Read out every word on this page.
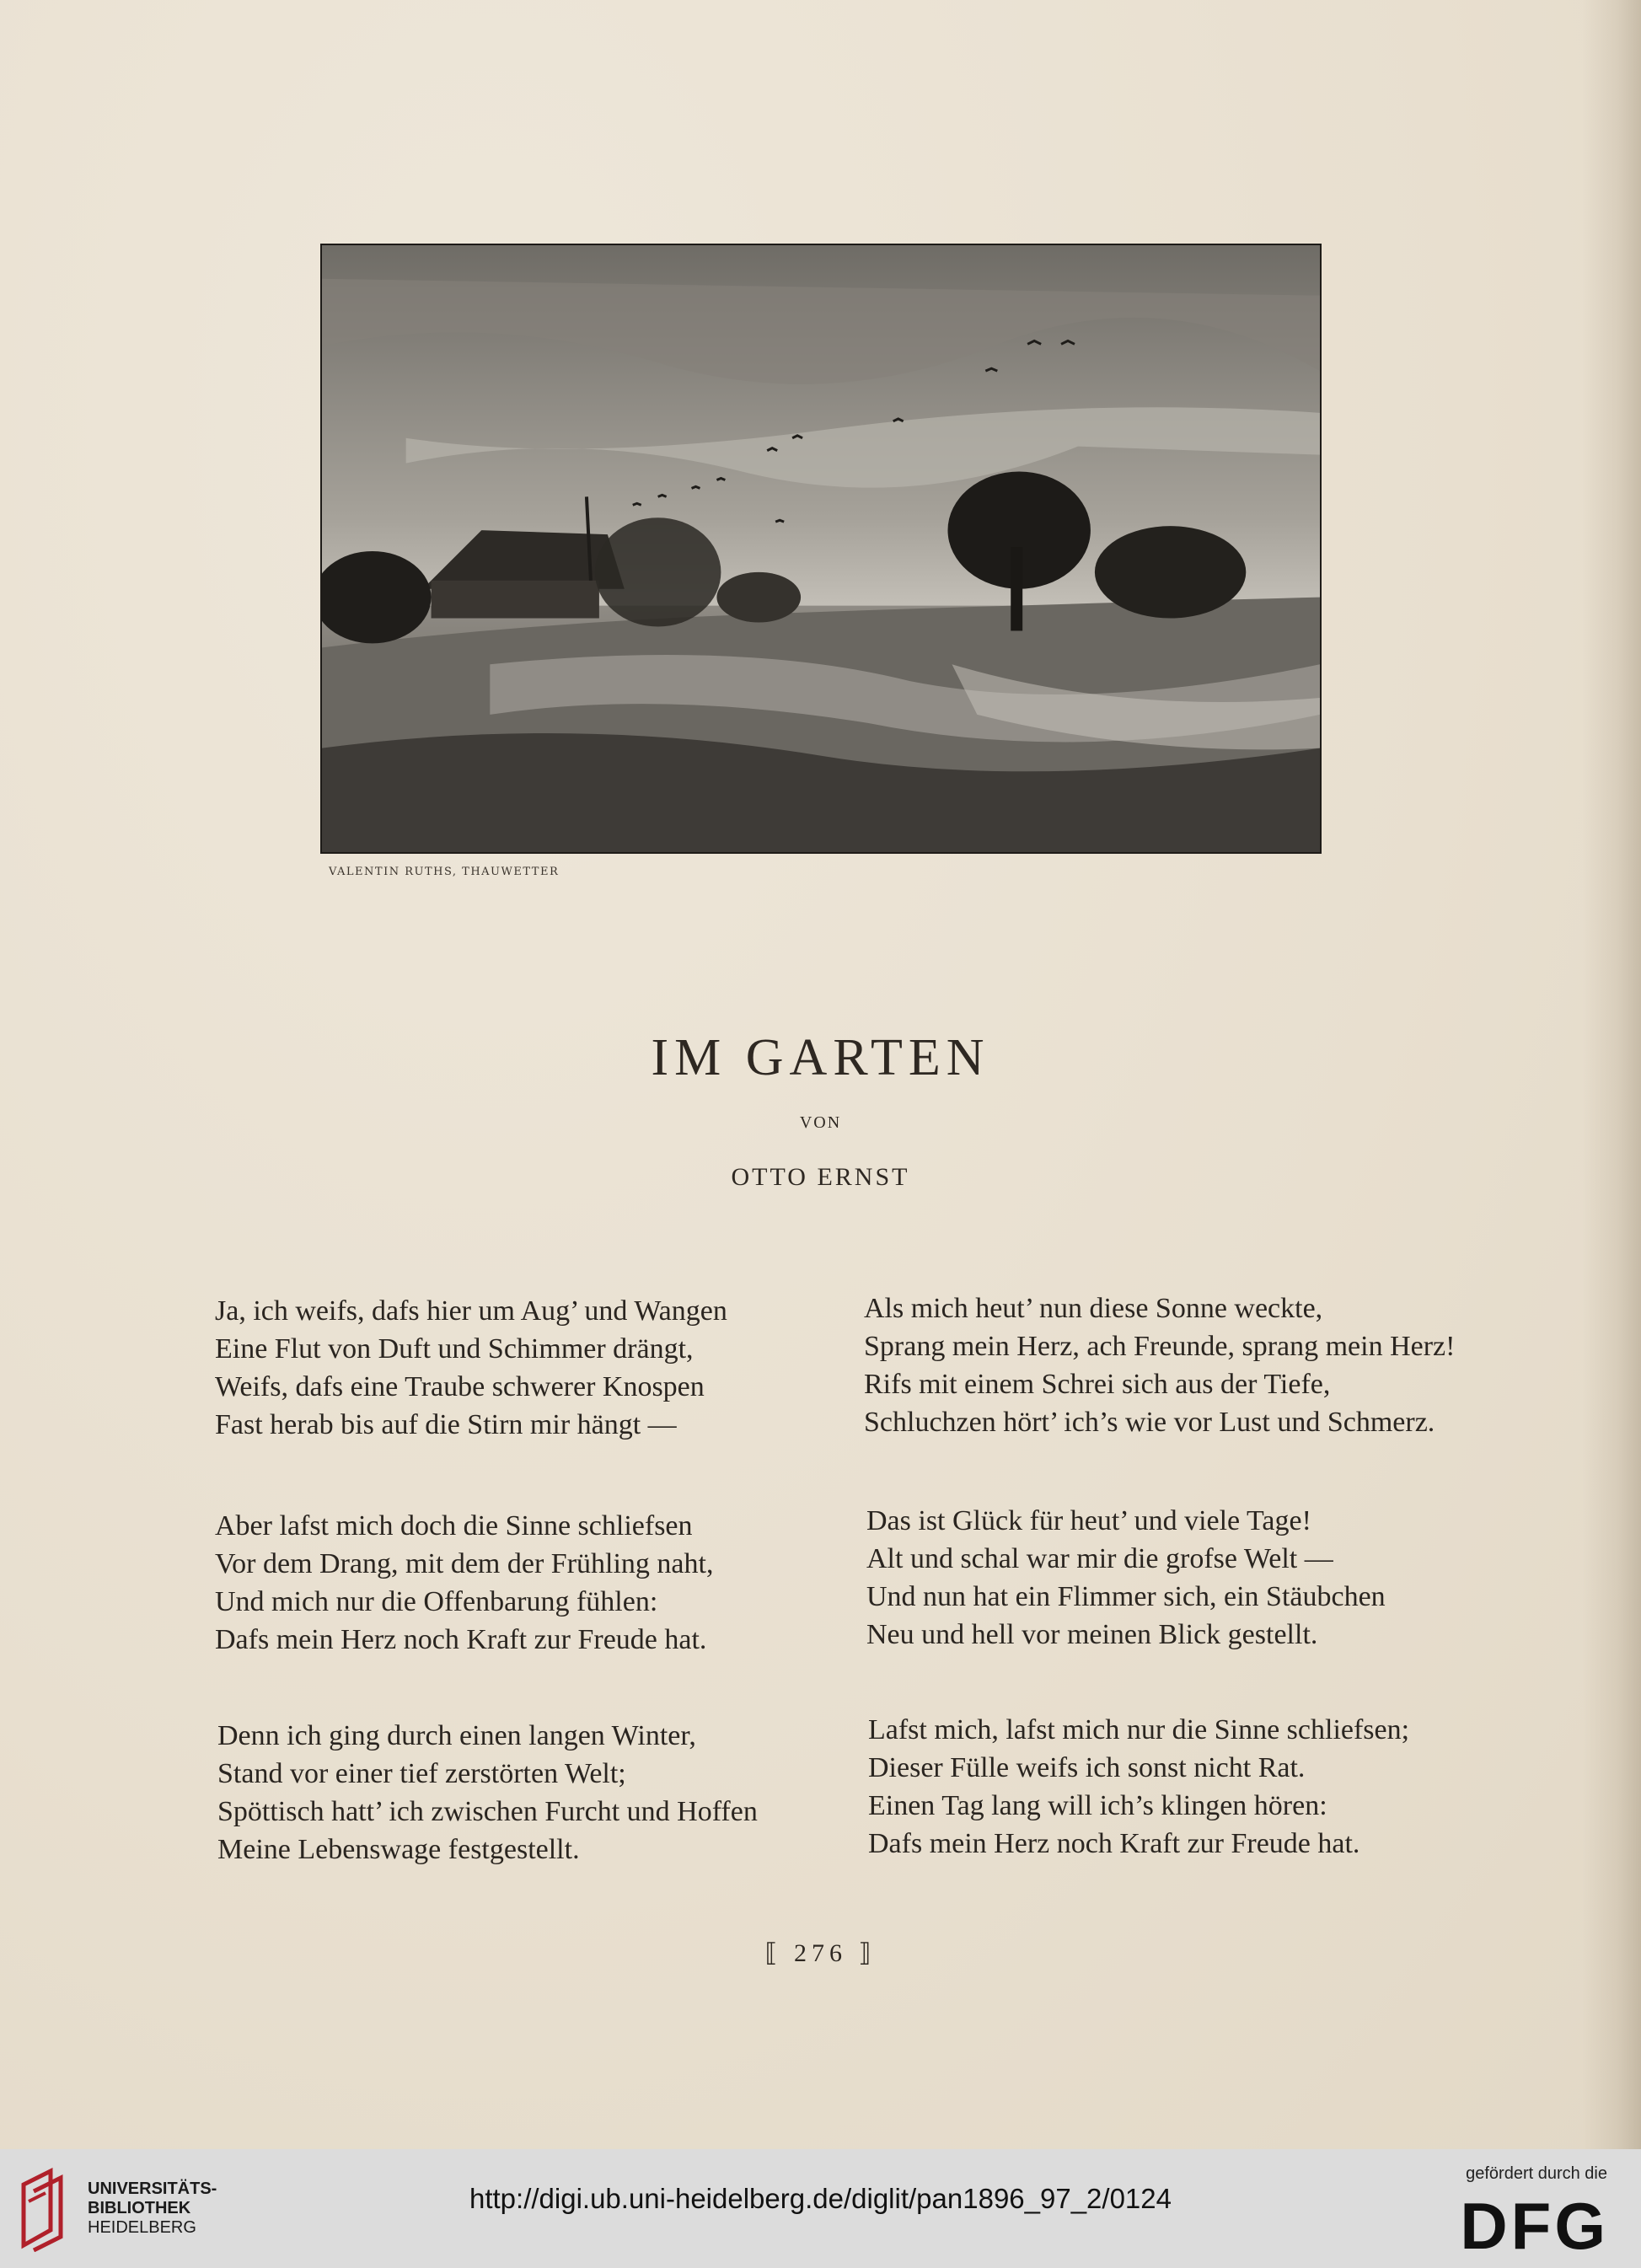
VALENTIN RUTHS, THAUWETTER
IM GARTEN
VON
OTTO ERNST
Ja, ich weifs, dafs hier um Aug’ und Wangen
Eine Flut von Duft und Schimmer drängt,
Weifs, dafs eine Traube schwerer Knospen
Fast herab bis auf die Stirn mir hängt —
Aber lafst mich doch die Sinne schliefsen
Vor dem Drang, mit dem der Frühling naht,
Und mich nur die Offenbarung fühlen:
Dafs mein Herz noch Kraft zur Freude hat.
Denn ich ging durch einen langen Winter,
Stand vor einer tief zerstörten Welt;
Spöttisch hatt’ ich zwischen Furcht und Hoffen
Meine Lebenswage festgestellt.
Als mich heut’ nun diese Sonne weckte,
Sprang mein Herz, ach Freunde, sprang mein Herz!
Rifs mit einem Schrei sich aus der Tiefe,
Schluchzen hört’ ich’s wie vor Lust und Schmerz.
Das ist Glück für heut’ und viele Tage!
Alt und schal war mir die grofse Welt —
Und nun hat ein Flimmer sich, ein Stäubchen
Neu und hell vor meinen Blick gestellt.
Lafst mich, lafst mich nur die Sinne schliefsen;
Dieser Fülle weifs ich sonst nicht Rat.
Einen Tag lang will ich’s klingen hören:
Dafs mein Herz noch Kraft zur Freude hat.
⟦ 276 ⟧
UNIVERSITÄTS-
BIBLIOTHEK
HEIDELBERG
http://digi.ub.uni-heidelberg.de/diglit/pan1896_97_2/0124
gefördert durch die
DFG
